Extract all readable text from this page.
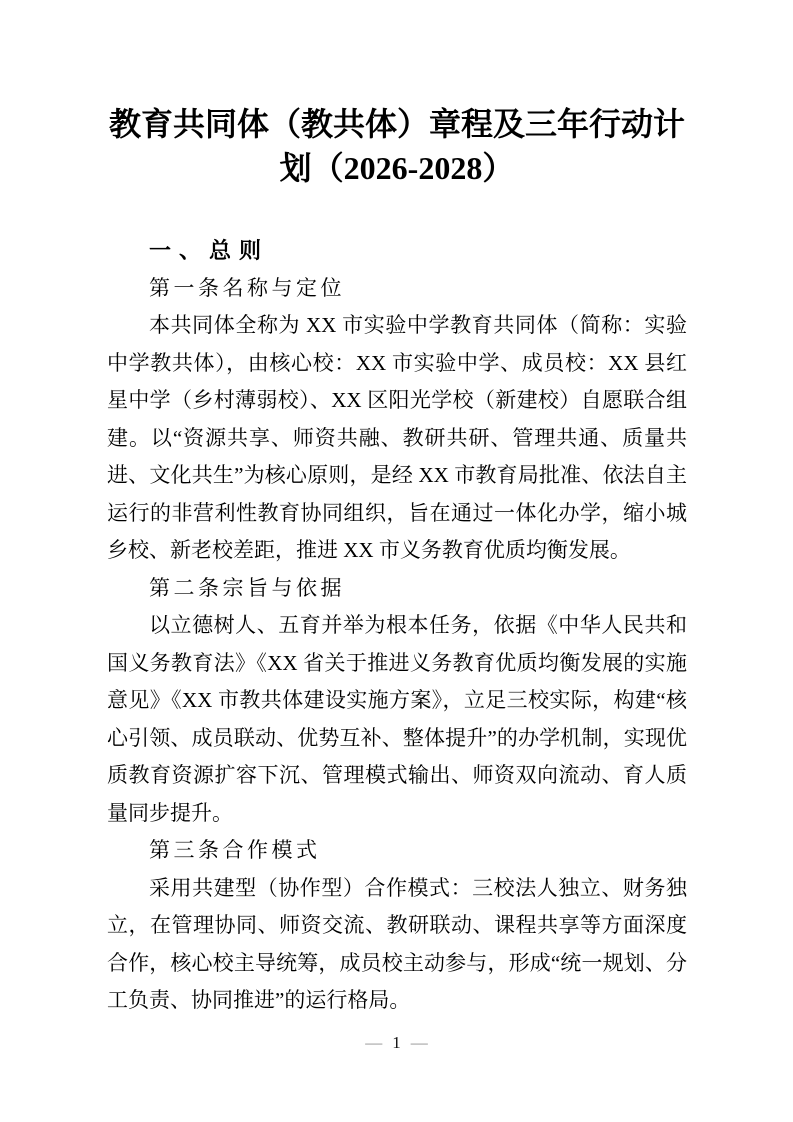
教育共同体（教共体）章程及三年行动计划（2026-2028）
一、总则
第一条名称与定位

本共同体全称为 XX 市实验中学教育共同体（简称：实验中学教共体），由核心校：XX 市实验中学、成员校：XX 县红星中学（乡村薄弱校）、XX 区阳光学校（新建校）自愿联合组建。以“资源共享、师资共融、教研共研、管理共通、质量共进、文化共生”为核心原则，是经 XX 市教育局批准、依法自主运行的非营利性教育协同组织，旨在通过一体化办学，缩小城乡校、新老校差距，推进 XX 市义务教育优质均衡发展。

第二条宗旨与依据

以立德树人、五育并举为根本任务，依据《中华人民共和国义务教育法》《XX 省关于推进义务教育优质均衡发展的实施意见》《XX 市教共体建设实施方案》，立足三校实际，构建“核心引领、成员联动、优势互补、整体提升”的办学机制，实现优质教育资源扩容下沉、管理模式输出、师资双向流动、育人质量同步提升。

第三条合作模式

采用共建型（协作型）合作模式：三校法人独立、财务独立，在管理协同、师资交流、教研联动、课程共享等方面深度合作，核心校主导统筹，成员校主动参与，形成“统一规划、分工负责、协同推进”的运行格局。

— 1 —
